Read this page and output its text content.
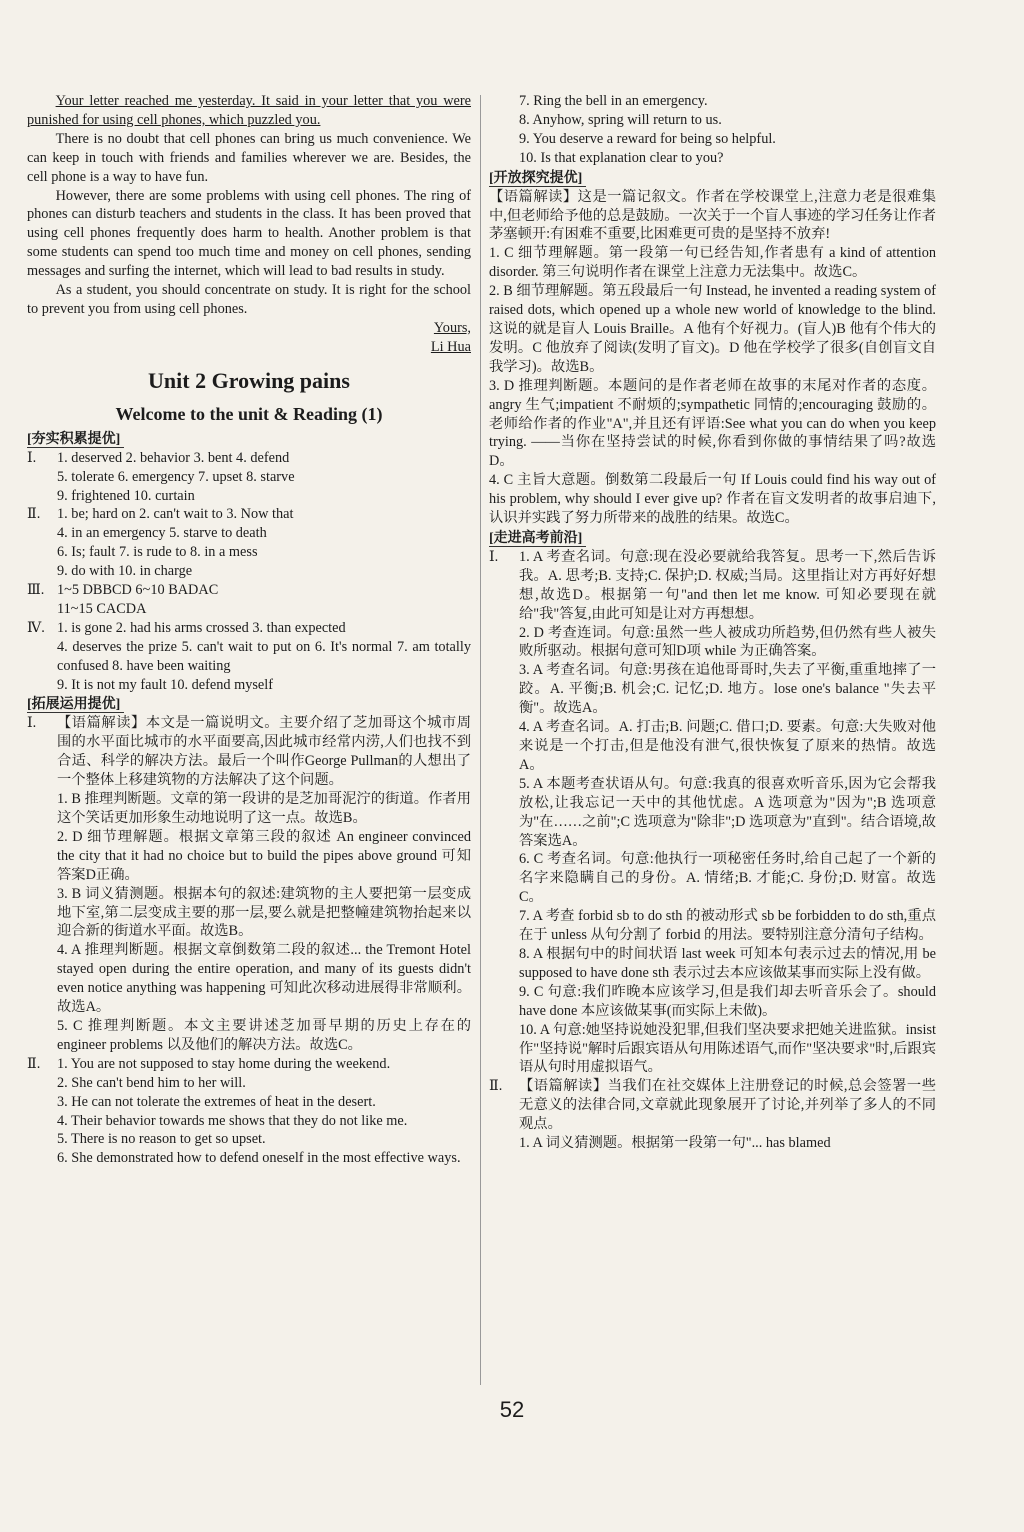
Your letter reached me yesterday. It said in your letter that you were punished for using cell phones, which puzzled you.

There is no doubt that cell phones can bring us much convenience. We can keep in touch with friends and families wherever we are. Besides, the cell phone is a way to have fun.

However, there are some problems with using cell phones. The ring of phones can disturb teachers and students in the class. It has been proved that using cell phones frequently does harm to health. Another problem is that some students can spend too much time and money on cell phones, sending messages and surfing the internet, which will lead to bad results in study.

As a student, you should concentrate on study. It is right for the school to prevent you from using cell phones.

Yours,

Li Hua

Unit 2 Growing pains
Welcome to the unit & Reading (1)

[夯实积累提优]

Ⅰ.	1. deserved 2. behavior 3. bent 4. defend
5. tolerate 6. emergency 7. upset 8. starve
9. frightened 10. curtain
Ⅱ.	1. be; hard on 2. can't wait to 3. Now that
4. in an emergency 5. starve to death
6. Is; fault 7. is rude to 8. in a mess
9. do with 10. in charge
Ⅲ. 1~5 DBBCD 6~10 BADAC
11~15 CACDA
Ⅳ. 1. is gone 2. had his arms crossed 3. than expected
4. deserves the prize 5. can't wait to put on 6. It's normal 7. am totally confused 8. have been waiting
9. It is not my fault 10. defend myself

[拓展运用提优]

Ⅰ.	【语篇解读】本文是一篇说明文。主要介绍了芝加哥这个城市周围的水平面比城市的水平面要高,因此城市经常内涝,人们也找不到合适、科学的解决方法。最后一个叫作George Pullman的人想出了一个整体上移建筑物的方法解决了这个问题。
1. B 推理判断题。文章的第一段讲的是芝加哥泥泞的街道。作者用这个笑话更加形象生动地说明了这一点。故选B。
2. D 细节理解题。根据文章第三段的叙述 An engineer convinced the city that it had no choice but to build the pipes above ground 可知答案D正确。
3. B 词义猜测题。根据本句的叙述:建筑物的主人要把第一层变成地下室,第二层变成主要的那一层,要么就是把整幢建筑物抬起来以迎合新的街道水平面。故选B。
4. A 推理判断题。根据文章倒数第二段的叙述... the Tremont Hotel stayed open during the entire operation, and many of its guests didn't even notice anything was happening 可知此次移动进展得非常顺利。故选A。
5. C 推理判断题。本文主要讲述芝加哥早期的历史上存在的 engineer problems 以及他们的解决方法。故选C。
Ⅱ.	1. You are not supposed to stay home during the weekend.
2. She can't bend him to her will.
3. He can not tolerate the extremes of heat in the desert.
4. Their behavior towards me shows that they do not like me.
5. There is no reason to get so upset.
6. She demonstrated how to defend oneself in the most effective ways.
7. Ring the bell in an emergency.
8. Anyhow, spring will return to us.
9. You deserve a reward for being so helpful.
10. Is that explanation clear to you?

[开放探究提优]

【语篇解读】这是一篇记叙文。作者在学校课堂上,注意力老是很难集中,但老师给予他的总是鼓励。一次关于一个盲人事迹的学习任务让作者茅塞顿开:有困难不重要,比困难更可贵的是坚持不放弃!

1. C 细节理解题。第一段第一句已经告知,作者患有 a kind of attention disorder. 第三句说明作者在课堂上注意力无法集中。故选C。
2. B 细节理解题。第五段最后一句 Instead, he invented a reading system of raised dots, which opened up a whole new world of knowledge to the blind. 这说的就是盲人 Louis Braille。A 他有个好视力。(盲人)B 他有个伟大的发明。C 他放弃了阅读(发明了盲文)。D 他在学校学了很多(自创盲文自我学习)。故选B。
3. D 推理判断题。本题问的是作者老师在故事的末尾对作者的态度。angry 生气;impatient 不耐烦的;sympathetic 同情的;encouraging 鼓励的。老师给作者的作业"A",并且还有评语:See what you can do when you keep trying. ——当你在坚持尝试的时候,你看到你做的事情结果了吗?故选D。
4. C 主旨大意题。倒数第二段最后一句 If Louis could find his way out of his problem, why should I ever give up? 作者在盲文发明者的故事启迪下,认识并实践了努力所带来的战胜的结果。故选C。

[走进高考前沿]

Ⅰ.	1. A 考查名词。句意:现在没必要就给我答复。思考一下,然后告诉我。A. 思考;B. 支持;C. 保护;D. 权威;当局。这里指让对方再好好想想,故选D。根据第一句"and then let me know. 可知必要现在就给"我"答复,由此可知是让对方再想想。
2. D 考查连词。句意:虽然一些人被成功所趋势,但仍然有些人被失败所驱动。根据句意可知D项 while 为正确答案。
3. A 考查名词。句意:男孩在追他哥哥时,失去了平衡,重重地摔了一跤。A. 平衡;B. 机会;C. 记忆;D. 地方。lose one's balance "失去平衡"。故选A。
4. A 考查名词。A. 打击;B. 问题;C. 借口;D. 要素。句意:大失败对他来说是一个打击,但是他没有泄气,很快恢复了原来的热情。故选A。
5. A 本题考查状语从句。句意:我真的很喜欢听音乐,因为它会帮我放松,让我忘记一天中的其他忧虑。A 选项意为"因为";B 选项意为"在……之前";C 选项意为"除非";D 选项意为"直到"。结合语境,故答案选A。
6. C 考查名词。句意:他执行一项秘密任务时,给自己起了一个新的名字来隐瞒自己的身份。A. 情绪;B. 才能;C. 身份;D. 财富。故选C。
7. A 考查 forbid sb to do sth 的被动形式 sb be forbidden to do sth,重点在于 unless 从句分割了 forbid 的用法。要特别注意分清句子结构。
8. A 根据句中的时间状语 last week 可知本句表示过去的情况,用 be supposed to have done sth 表示过去本应该做某事而实际上没有做。
9. C 句意:我们昨晚本应该学习,但是我们却去听音乐会了。should have done 本应该做某事(而实际上未做)。
10. A 句意:她坚持说她没犯罪,但我们坚决要求把她关进监狱。insist 作"坚持说"解时后跟宾语从句用陈述语气,而作"坚决要求"时,后跟宾语从句时用虚拟语气。
Ⅱ.	【语篇解读】当我们在社交媒体上注册登记的时候,总会签署一些无意义的法律合同,文章就此现象展开了讨论,并列举了多人的不同观点。
1. A 词义猜测题。根据第一段第一句"... has blamed
52
